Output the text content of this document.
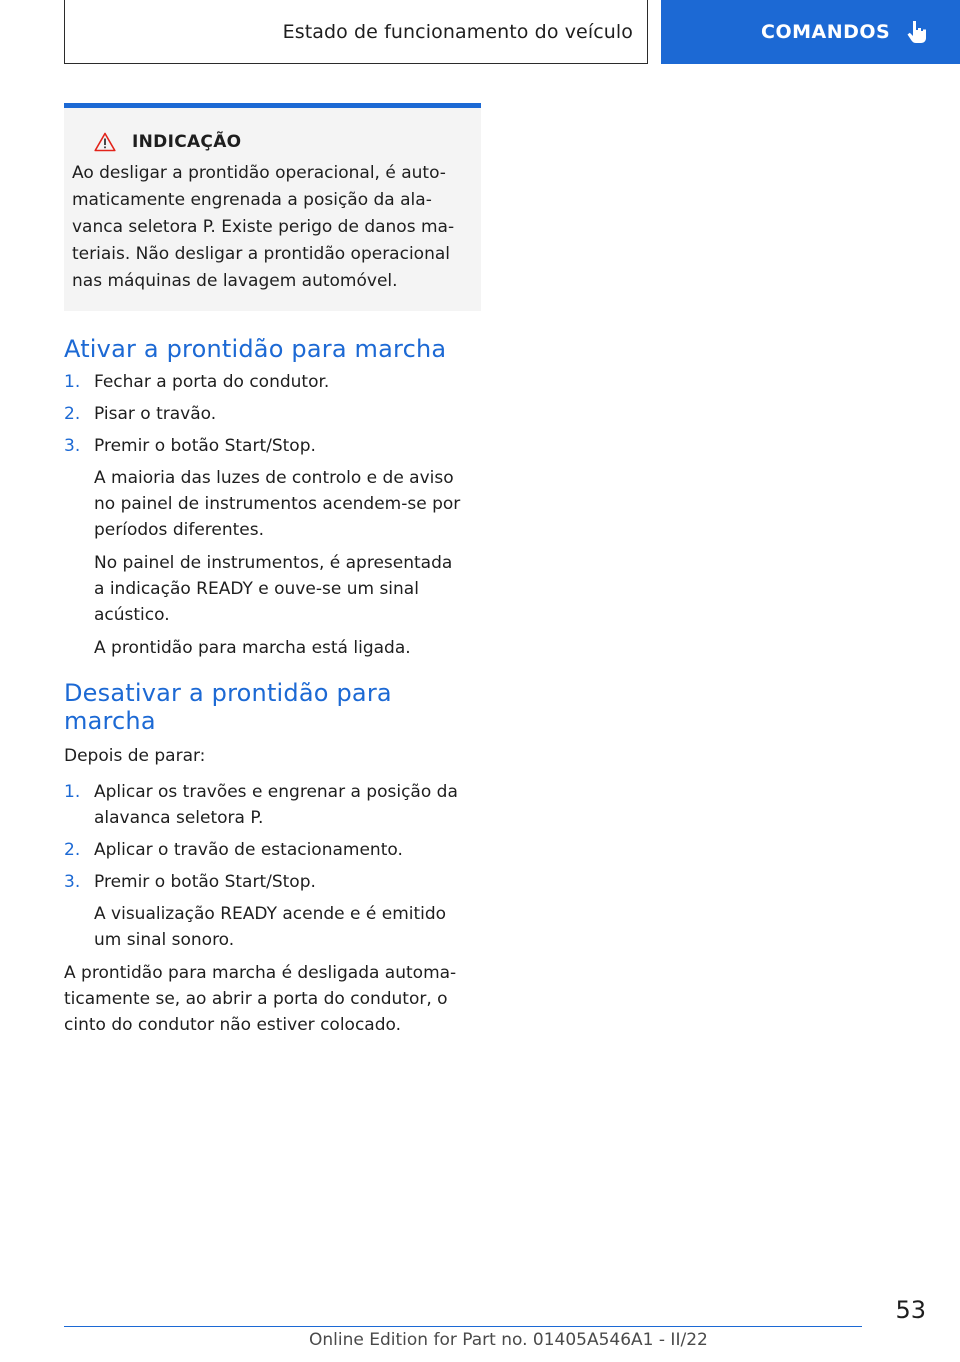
Estado de funcionamento do veículo	COMANDOS
INDICAÇÃO
Ao desligar a prontidão operacional, é auto-
maticamente engrenada a posição da ala-
vanca seletora P. Existe perigo de danos ma-
teriais. Não desligar a prontidão operacional
nas máquinas de lavagem automóvel.
Ativar a prontidão para marcha
1. Fechar a porta do condutor.
2. Pisar o travão.
3. Premir o botão Start/Stop.
A maioria das luzes de controlo e de aviso
no painel de instrumentos acendem-se por
períodos diferentes.
No painel de instrumentos, é apresentada
a indicação READY e ouve-se um sinal
acústico.
A prontidão para marcha está ligada.
Desativar a prontidão para marcha
Depois de parar:
1. Aplicar os travões e engrenar a posição da
alavanca seletora P.
2. Aplicar o travão de estacionamento.
3. Premir o botão Start/Stop.
A visualização READY acende e é emitido
um sinal sonoro.
A prontidão para marcha é desligada automa-
ticamente se, ao abrir a porta do condutor, o
cinto do condutor não estiver colocado.
53
Online Edition for Part no. 01405A546A1 - II/22
